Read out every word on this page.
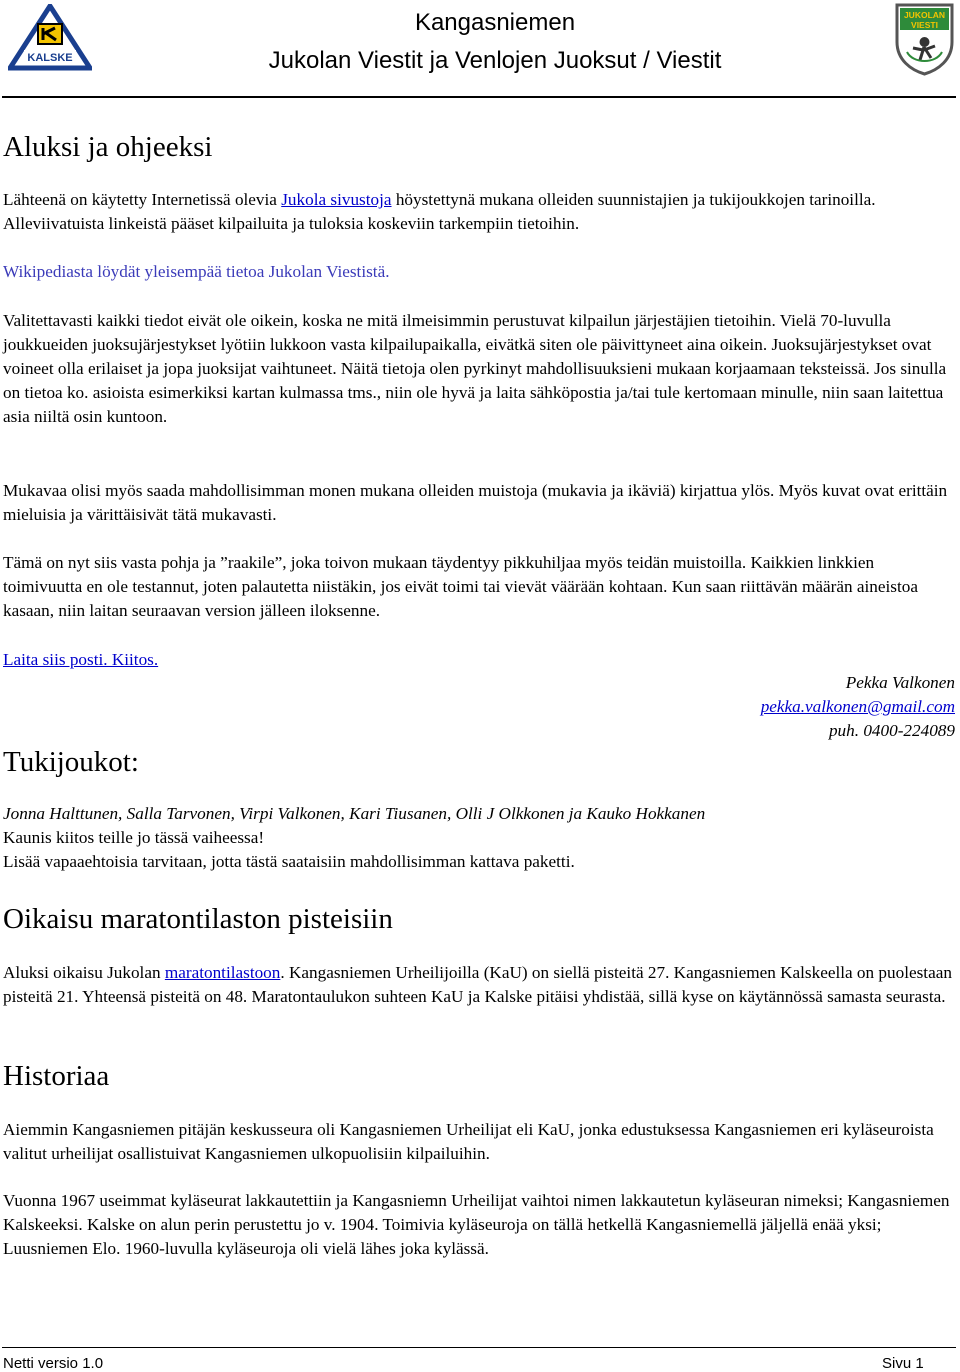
KALSKE
Kangasniemen
Jukolan Viestit ja Venlojen Juoksut / Viestit
JUKOLAN
VIESTI
Aluksi ja ohjeeksi

Lähteenä on käytetty Internetissä olevia Jukola sivustoja höystettynä mukana olleiden suunnistajien ja tukijoukkojen tarinoilla. Alleviivatuista linkeistä pääset kilpailuita ja tuloksia koskeviin tarkempiin tietoihin.

Wikipediasta löydät yleisempää tietoa Jukolan Viestistä.

Valitettavasti kaikki tiedot eivät ole oikein, koska ne mitä ilmeisimmin perustuvat kilpailun järjestäjien tietoihin. Vielä 70-luvulla joukkueiden juoksujärjestykset lyötiin lukkoon vasta kilpailupaikalla, eivätkä siten ole päivittyneet aina oikein. Juoksujärjestykset ovat voineet olla erilaiset ja jopa juoksijat vaihtuneet. Näitä tietoja olen pyrkinyt mahdollisuuksieni mukaan korjaamaan teksteissä. Jos sinulla on tietoa ko. asioista esimerkiksi kartan kulmassa tms., niin ole hyvä ja laita sähköpostia ja/tai tule kertomaan minulle, niin saan laitettua asia niiltä osin kuntoon.

Mukavaa olisi myös saada mahdollisimman monen mukana olleiden muistoja (mukavia ja ikäviä) kirjattua ylös. Myös kuvat ovat erittäin mieluisia ja värittäisivät tätä mukavasti.

Tämä on nyt siis vasta pohja ja ”raakile”, joka toivon mukaan täydentyy pikkuhiljaa myös teidän muistoilla. Kaikkien linkkien toimivuutta en ole testannut, joten palautetta niistäkin, jos eivät toimi tai vievät väärään kohtaan. Kun saan riittävän määrän aineistoa kasaan, niin laitan seuraavan version jälleen iloksenne.

Laita siis posti. Kiitos.

Pekka Valkonen
pekka.valkonen@gmail.com
puh. 0400-224089
Tukijoukot:

Jonna Halttunen, Salla Tarvonen, Virpi Valkonen, Kari Tiusanen, Olli J Olkkonen ja Kauko Hokkanen

Kaunis kiitos teille jo tässä vaiheessa!

Lisää vapaaehtoisia tarvitaan, jotta tästä saataisiin mahdollisimman kattava paketti.

Oikaisu maratontilaston pisteisiin

Aluksi oikaisu Jukolan maratontilastoon. Kangasniemen Urheilijoilla (KaU) on siellä pisteitä 27. Kangasniemen Kalskeella on puolestaan pisteitä 21. Yhteensä pisteitä on 48. Maratontaulukon suhteen KaU ja Kalske pitäisi yhdistää, sillä kyse on käytännössä samasta seurasta.

Historiaa

Aiemmin Kangasniemen pitäjän keskusseura oli Kangasniemen Urheilijat eli KaU, jonka edustuksessa Kangasniemen eri kyläseuroista valitut urheilijat osallistuivat Kangasniemen ulkopuolisiin kilpailuihin.

Vuonna 1967 useimmat kyläseurat lakkautettiin ja Kangasniemn Urheilijat vaihtoi nimen lakkautetun kyläseuran nimeksi; Kangasniemen Kalskeeksi. Kalske on alun perin perustettu jo v. 1904. Toimivia kyläseuroja on tällä hetkellä Kangasniemellä jäljellä enää yksi; Luusniemen Elo. 1960-luvulla kyläseuroja oli vielä lähes joka kylässä.

Netti versio 1.0	Sivu 1
